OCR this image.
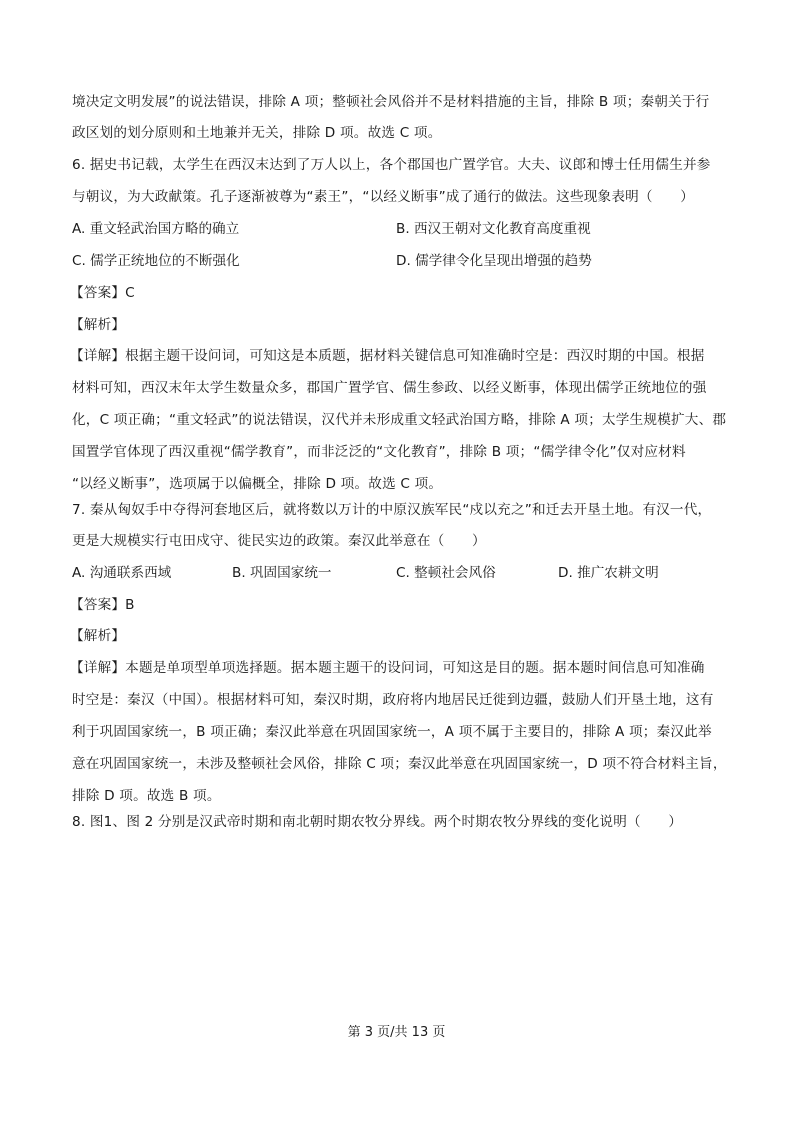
境决定文明发展”的说法错误，排除 A 项；整顿社会风俗并不是材料措施的主旨，排除 B 项；秦朝关于行
政区划的划分原则和土地兼并无关，排除 D 项。故选 C 项。
6. 据史书记载，太学生在西汉末达到了万人以上，各个郡国也广置学官。大夫、议郎和博士任用儒生并参
与朝议，为大政献策。孔子逐渐被尊为“素王”，“以经义断事”成了通行的做法。这些现象表明（　　）
A. 重文轻武治国方略的确立	B. 西汉王朝对文化教育高度重视
C. 儒学正统地位的不断强化	D. 儒学律令化呈现出增强的趋势
【答案】C
【解析】
【详解】根据主题干设问词，可知这是本质题，据材料关键信息可知准确时空是：西汉时期的中国。根据
材料可知，西汉末年太学生数量众多，郡国广置学官、儒生参政、以经义断事，体现出儒学正统地位的强
化，C 项正确；“重文轻武”的说法错误，汉代并未形成重文轻武治国方略，排除 A 项；太学生规模扩大、郡
国置学官体现了西汉重视“儒学教育”，而非泛泛的“文化教育”，排除 B 项；“儒学律令化”仅对应材料
“以经义断事”，选项属于以偏概全，排除 D 项。故选 C 项。
7. 秦从匈奴手中夺得河套地区后，就将数以万计的中原汉族军民“戍以充之”和迁去开垦土地。有汉一代，
更是大规模实行屯田戍守、徙民实边的政策。秦汉此举意在（　　）
A. 沟通联系西域	B. 巩固国家统一	C. 整顿社会风俗	D. 推广农耕文明
【答案】B
【解析】
【详解】本题是单项型单项选择题。据本题主题干的设问词，可知这是目的题。据本题时间信息可知准确
时空是：秦汉（中国）。根据材料可知，秦汉时期，政府将内地居民迁徙到边疆，鼓励人们开垦土地，这有
利于巩固国家统一，B 项正确；秦汉此举意在巩固国家统一，A 项不属于主要目的，排除 A 项；秦汉此举
意在巩固国家统一，未涉及整顿社会风俗，排除 C 项；秦汉此举意在巩固国家统一，D 项不符合材料主旨，
排除 D 项。故选 B 项。
8. 图1、图 2 分别是汉武帝时期和南北朝时期农牧分界线。两个时期农牧分界线的变化说明（　　）
第 3 页/共 13 页
